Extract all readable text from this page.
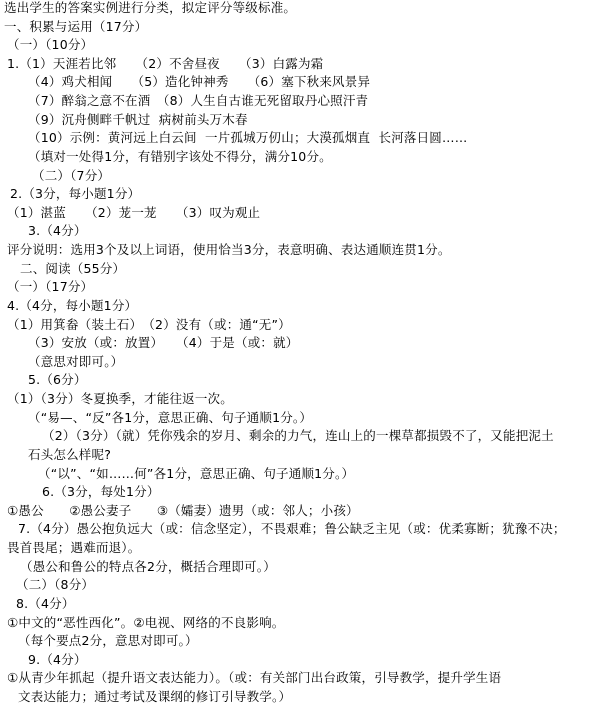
选出学生的答案实例进行分类，拟定评分等级标准。
一、积累与运用（17分）
（一）（10分）
1.（1）天涯若比邻　　（2）不舍昼夜　　（3）白露为霜
（4）鸡犬相闻　　（5）造化钟神秀　　（6）塞下秋来风景异
（7）醉翁之意不在酒　（8）人生自古谁无死留取丹心照汗青
（9）沉舟侧畔千帆过  病树前头万木春
（10）示例：黄河远上白云间  一片孤城万仞山；大漠孤烟直  长河落日圆……
（填对一处得1分，有错别字该处不得分，满分10分。
（二）（7分）
2.（3分，每小题1分）
（1）湛蓝　　（2）茏一茏　　（3）叹为观止
3.（4分）
评分说明：选用3个及以上词语，使用恰当3分，表意明确、表达通顺连贯1分。
二、阅读（55分）
（一）（17分）
4.（4分，每小题1分）
（1）用箕畚（装土石）　（2）没有（或：通“无”）
（3）安放（或：放置）　　（4）于是（或：就）
（意思对即可。）
5.（6分）
（1）（3分）冬夏换季，才能往返一次。
（“易—、“反”各1分，意思正确、句子通顺1分。）
（2）（3分）（就）凭你残余的岁月、剩余的力气，连山上的一棵草都损毁不了，又能把泥土
石头怎么样呢?
（“以”、“如……何”各1分，意思正确、句子通顺1分。）
6.（3分，每处1分）
①愚公　　②愚公妻子　　③（孀妻）遗男（或：邻人；小孩）
7.（4分）愚公抱负远大（或：信念坚定），不畏艰难；鲁公缺乏主见（或：优柔寡断；犹豫不决；
畏首畏尾；遇难而退）。
（愚公和鲁公的特点各2分，概括合理即可。）
（二）（8分）
8.（4分）
①中文的“恶性西化”。②电视、网络的不良影响。
（每个要点2分，意思对即可。）
9.（4分）
①从青少年抓起（提升语文表达能力）。（或：有关部门出台政策，引导教学，提升学生语
文表达能力；通过考试及课纲的修订引导教学。）
